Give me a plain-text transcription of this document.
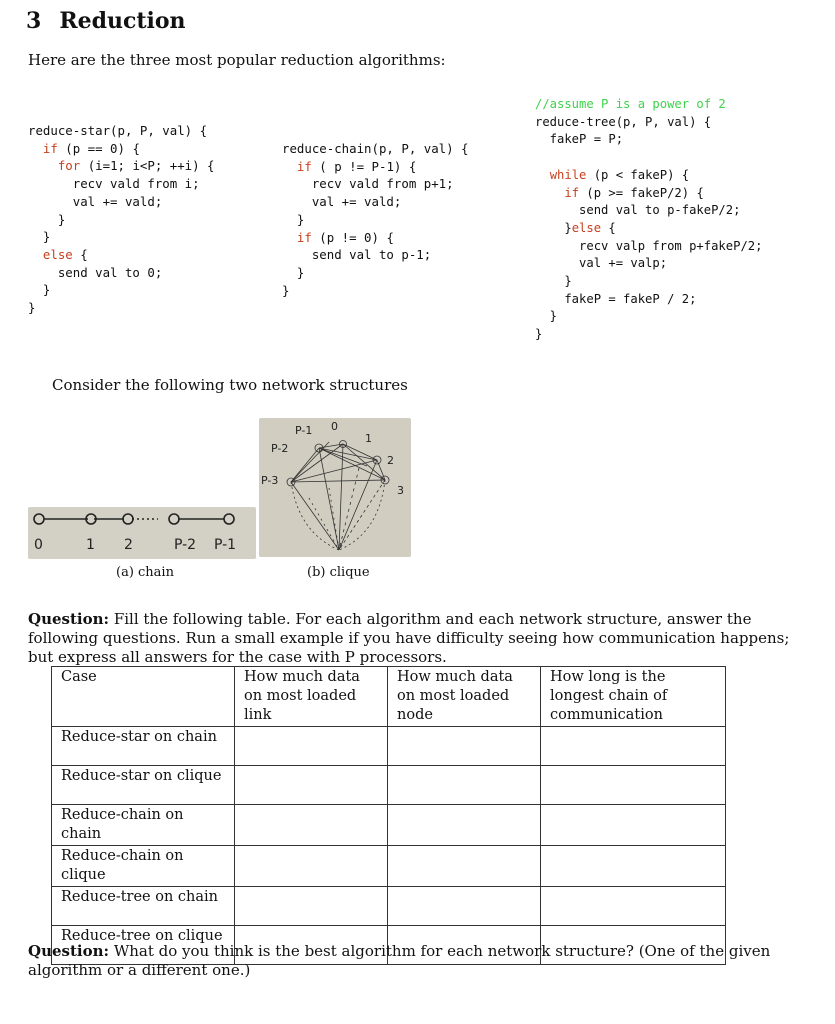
3 Reduction
Here are the three most popular reduction algorithms:
reduce-star(p, P, val) {
if (p == 0) {
for (i=1; i<P; ++i) {
recv vald from i;
val += vald;
}
}
else {
send val to 0;
}
}
reduce-chain(p, P, val) {
if ( p != P-1) {
recv vald from p+1;
val += vald;
}
if (p != 0) {
send val to p-1;
}
}
//assume P is a power of 2
reduce-tree(p, P, val) {
fakeP = P;

while (p < fakeP) {
if (p >= fakeP/2) {
send val to p-fakeP/2;
}else {
recv valp from p+fakeP/2;
val += valp;
}
fakeP = fakeP / 2;
}
}
Consider the following two network structures
0	1 2	P-2 P-1
(a) chain
P-1 0
1
P-2
2
P-3
3
(b) clique
Question: Fill the following table. For each algorithm and each network structure, answer the following questions. Run a small example if you have difficulty seeing how communication happens; but express all answers for the case with P processors.
Case	How much data on most loaded link	How much data on most loaded node	How long is the longest chain of communication
Reduce-star on chain			
Reduce-star on clique			
Reduce-chain on chain			
Reduce-chain on clique			
Reduce-tree on chain			
Reduce-tree on clique			
Question: What do you think is the best algorithm for each network structure? (One of the given algorithm or a different one.)
